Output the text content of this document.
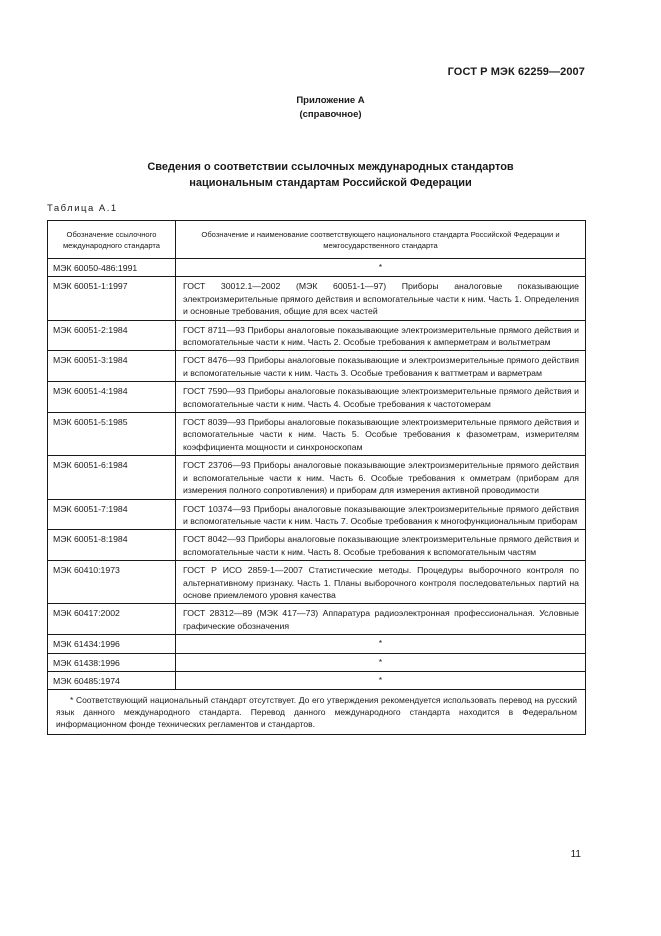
ГОСТ Р МЭК 62259—2007
Приложение А
(справочное)
Сведения о соответствии ссылочных международных стандартов
национальным стандартам Российской Федерации
Таблица А.1
Обозначение ссылочного международного стандарта	Обозначение и наименование соответствующего национального стандарта Российской Федерации и межгосударственного стандарта
МЭК 60050-486:1991	*
МЭК 60051-1:1997	ГОСТ 30012.1—2002 (МЭК 60051-1—97) Приборы аналоговые показывающие электроизмерительные прямого действия и вспомогательные части к ним. Часть 1. Определения и основные требования, общие для всех частей
МЭК 60051-2:1984	ГОСТ 8711—93 Приборы аналоговые показывающие электроизмерительные прямого действия и вспомогательные части к ним. Часть 2. Особые требования к амперметрам и вольтметрам
МЭК 60051-3:1984	ГОСТ 8476—93 Приборы аналоговые показывающие и электроизмерительные прямого действия и вспомогательные части к ним. Часть 3. Особые требования к ваттметрам и варметрам
МЭК 60051-4:1984	ГОСТ 7590—93 Приборы аналоговые показывающие электроизмерительные прямого действия и вспомогательные части к ним. Часть 4. Особые требования к частотомерам
МЭК 60051-5:1985	ГОСТ 8039—93 Приборы аналоговые показывающие электроизмерительные прямого действия и вспомогательные части к ним. Часть 5. Особые требования к фазометрам, измерителям коэффициента мощности и синхроноскопам
МЭК 60051-6:1984	ГОСТ 23706—93 Приборы аналоговые показывающие электроизмерительные прямого действия и вспомогательные части к ним. Часть 6. Особые требования к омметрам (приборам для измерения полного сопротивления) и приборам для измерения активной проводимости
МЭК 60051-7:1984	ГОСТ 10374—93 Приборы аналоговые показывающие электроизмерительные прямого действия и вспомогательные части к ним. Часть 7. Особые требования к многофункциональным приборам
МЭК 60051-8:1984	ГОСТ 8042—93 Приборы аналоговые показывающие электроизмерительные прямого действия и вспомогательные части к ним. Часть 8. Особые требования к вспомогательным частям
МЭК 60410:1973	ГОСТ Р ИСО 2859-1—2007 Статистические методы. Процедуры выборочного контроля по альтернативному признаку. Часть 1. Планы выборочного контроля последовательных партий на основе приемлемого уровня качества
МЭК 60417:2002	ГОСТ 28312—89 (МЭК 417—73) Аппаратура радиоэлектронная профессиональная. Условные графические обозначения
МЭК 61434:1996	*
МЭК 61438:1996	*
МЭК 60485:1974	*
* Соответствующий национальный стандарт отсутствует. До его утверждения рекомендуется использовать перевод на русский язык данного международного стандарта. Перевод данного международного стандарта находится в Федеральном информационном фонде технических регламентов и стандартов.	
11
